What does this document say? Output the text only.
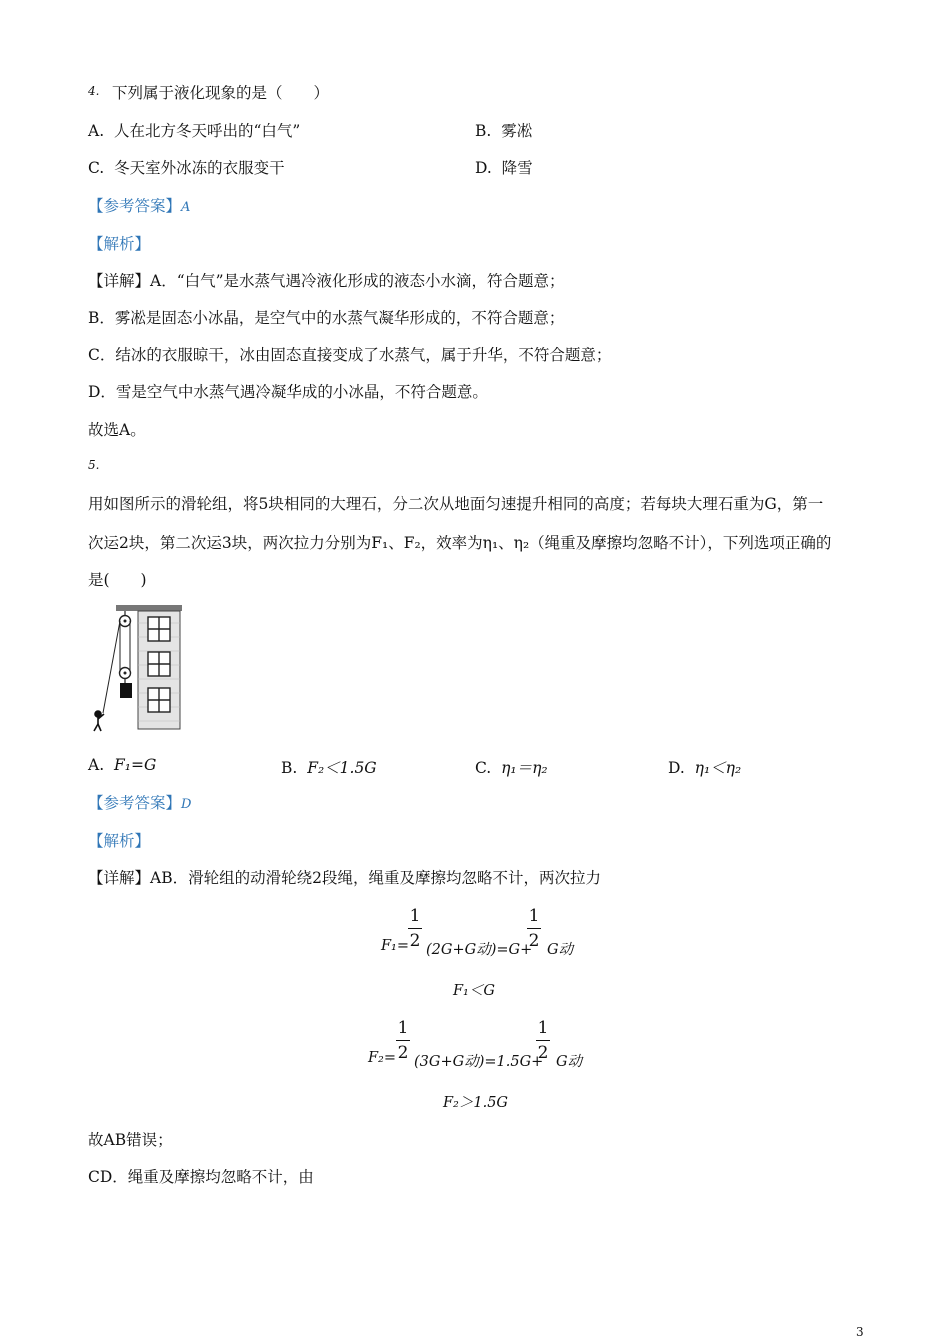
4. 下列属于液化现象的是（　　）
A. 人在北方冬天呼出的“白气”	B. 雾凇
C. 冬天室外冰冻的衣服变干	D. 降雪
【参考答案】A
【解析】
【详解】A．“白气”是水蒸气遇冷液化形成的液态小水滴，符合题意；
B．雾凇是固态小冰晶，是空气中的水蒸气凝华形成的，不符合题意；
C．结冰的衣服晾干，冰由固态直接变成了水蒸气，属于升华，不符合题意；
D．雪是空气中水蒸气遇冷凝华成的小冰晶，不符合题意。
故选A。
5.
用如图所示的滑轮组，将5块相同的大理石，分二次从地面匀速提升相同的高度；若每块大理石重为G，第一
次运2块，第二次运3块，两次拉力分别为F₁、F₂，效率为η₁、η₂（绳重及摩擦均忽略不计），下列选项正确的
是(　　)
A. F₁=G	B. F₂＜1.5G	C. η₁＝η₂	D. η₁＜η₂
【参考答案】D
【解析】
【详解】AB．滑轮组的动滑轮绕2段绳，绳重及摩擦均忽略不计，两次拉力
F₁=
1
2 (2G+G动)=G+
1
2 G动
F₁＜G
F₂=
1
2 (3G+G动)=1.5G+
1
2 G动
F₂＞1.5G
故AB错误；
CD．绳重及摩擦均忽略不计，由
3
